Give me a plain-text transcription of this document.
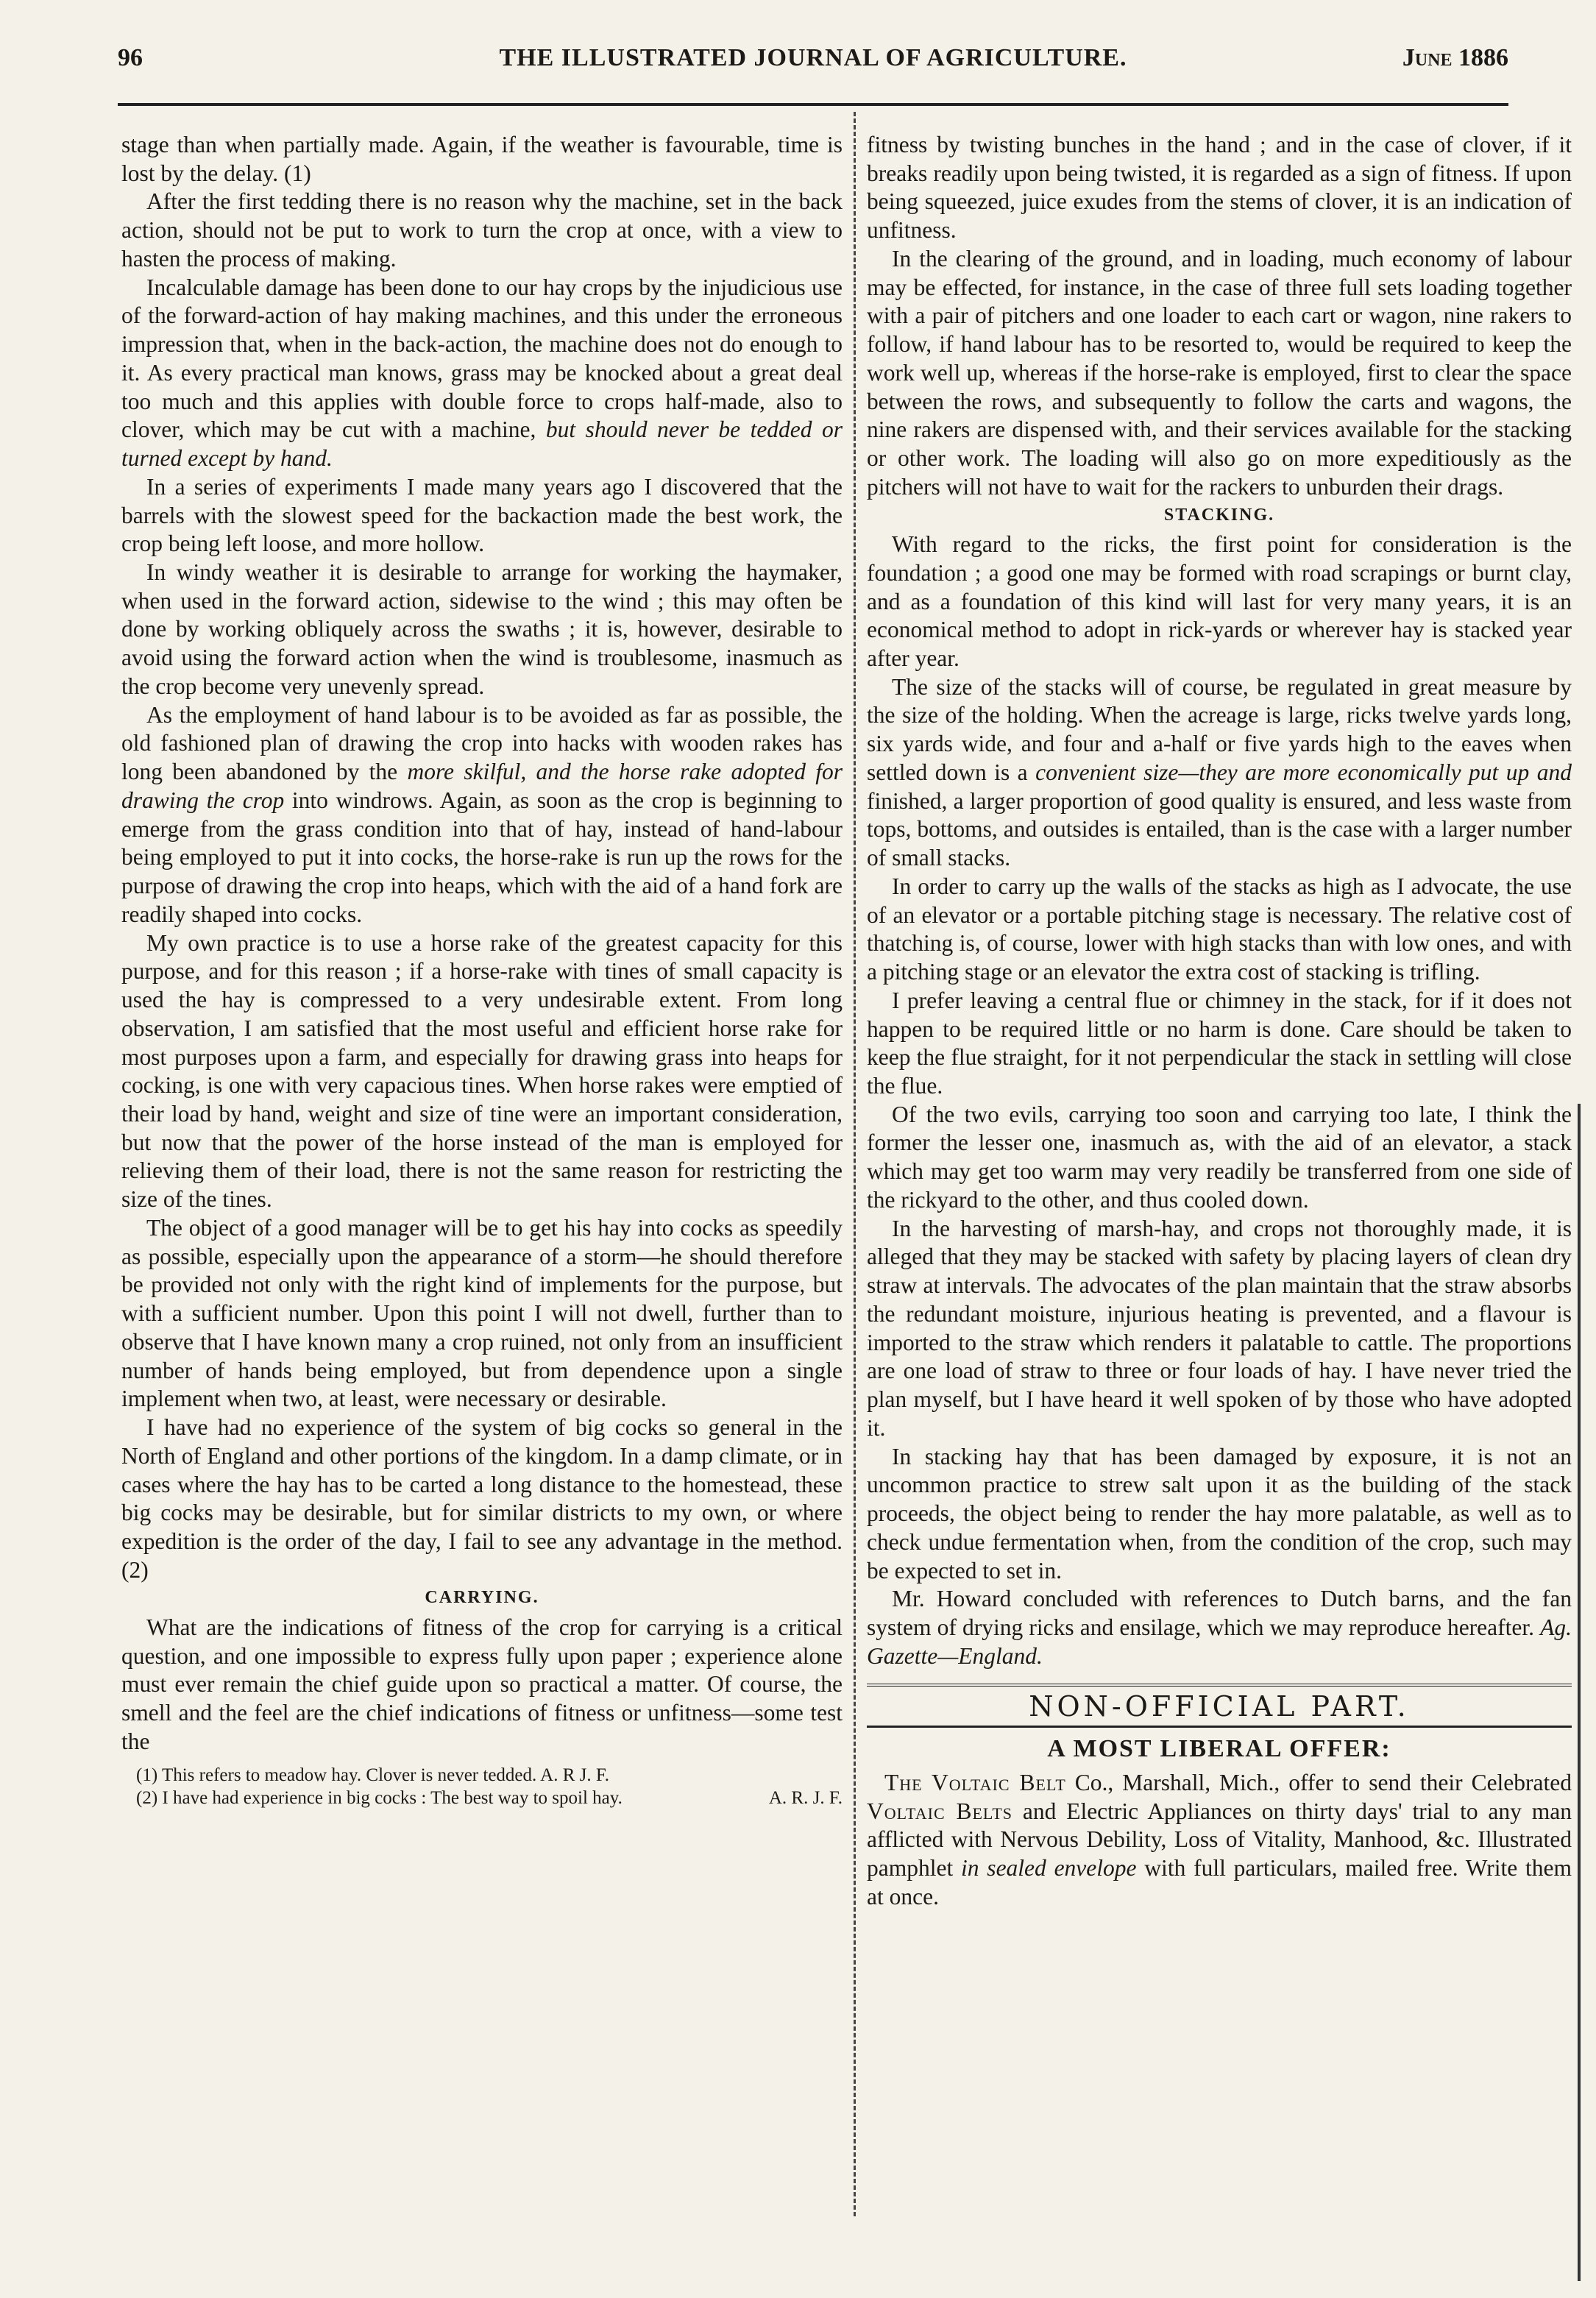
96	THE ILLUSTRATED JOURNAL OF AGRICULTURE.	June 1886

stage than when partially made. Again, if the weather is favourable, time is lost by the delay. (1)

After the first tedding there is no reason why the machine, set in the back action, should not be put to work to turn the crop at once, with a view to hasten the process of making.

Incalculable damage has been done to our hay crops by the injudicious use of the forward-action of hay making machines, and this under the erroneous impression that, when in the back-action, the machine does not do enough to it. As every practical man knows, grass may be knocked about a great deal too much and this applies with double force to crops half-made, also to clover, which may be cut with a machine, but should never be tedded or turned except by hand.

In a series of experiments I made many years ago I discovered that the barrels with the slowest speed for the backaction made the best work, the crop being left loose, and more hollow.

In windy weather it is desirable to arrange for working the haymaker, when used in the forward action, sidewise to the wind ; this may often be done by working obliquely across the swaths ; it is, however, desirable to avoid using the forward action when the wind is troublesome, inasmuch as the crop become very unevenly spread.

As the employment of hand labour is to be avoided as far as possible, the old fashioned plan of drawing the crop into hacks with wooden rakes has long been abandoned by the more skilful, and the horse rake adopted for drawing the crop into windrows. Again, as soon as the crop is beginning to emerge from the grass condition into that of hay, instead of hand-labour being employed to put it into cocks, the horse-rake is run up the rows for the purpose of drawing the crop into heaps, which with the aid of a hand fork are readily shaped into cocks.

My own practice is to use a horse rake of the greatest capacity for this purpose, and for this reason ; if a horse-rake with tines of small capacity is used the hay is compressed to a very undesirable extent. From long observation, I am satisfied that the most useful and efficient horse rake for most purposes upon a farm, and especially for drawing grass into heaps for cocking, is one with very capacious tines. When horse rakes were emptied of their load by hand, weight and size of tine were an important consideration, but now that the power of the horse instead of the man is employed for relieving them of their load, there is not the same reason for restricting the size of the tines.

The object of a good manager will be to get his hay into cocks as speedily as possible, especially upon the appearance of a storm—he should therefore be provided not only with the right kind of implements for the purpose, but with a sufficient number. Upon this point I will not dwell, further than to observe that I have known many a crop ruined, not only from an insufficient number of hands being employed, but from dependence upon a single implement when two, at least, were necessary or desirable.

I have had no experience of the system of big cocks so general in the North of England and other portions of the kingdom. In a damp climate, or in cases where the hay has to be carted a long distance to the homestead, these big cocks may be desirable, but for similar districts to my own, or where expedition is the order of the day, I fail to see any advantage in the method. (2)

CARRYING.

What are the indications of fitness of the crop for carrying is a critical question, and one impossible to express fully upon paper ; experience alone must ever remain the chief guide upon so practical a matter. Of course, the smell and the feel are the chief indications of fitness or unfitness—some test the

(1) This refers to meadow hay. Clover is never tedded. A. R J. F.

(2) I have had experience in big cocks : The best way to spoil hay.	A. R. J. F.

fitness by twisting bunches in the hand ; and in the case of clover, if it breaks readily upon being twisted, it is regarded as a sign of fitness. If upon being squeezed, juice exudes from the stems of clover, it is an indication of unfitness.

In the clearing of the ground, and in loading, much economy of labour may be effected, for instance, in the case of three full sets loading together with a pair of pitchers and one loader to each cart or wagon, nine rakers to follow, if hand labour has to be resorted to, would be required to keep the work well up, whereas if the horse-rake is employed, first to clear the space between the rows, and subsequently to follow the carts and wagons, the nine rakers are dispensed with, and their services available for the stacking or other work. The loading will also go on more expeditiously as the pitchers will not have to wait for the rackers to unburden their drags.

STACKING.

With regard to the ricks, the first point for consideration is the foundation ; a good one may be formed with road scrapings or burnt clay, and as a foundation of this kind will last for very many years, it is an economical method to adopt in rick-yards or wherever hay is stacked year after year.

The size of the stacks will of course, be regulated in great measure by the size of the holding. When the acreage is large, ricks twelve yards long, six yards wide, and four and a-half or five yards high to the eaves when settled down is a convenient size—they are more economically put up and finished, a larger proportion of good quality is ensured, and less waste from tops, bottoms, and outsides is entailed, than is the case with a larger number of small stacks.

In order to carry up the walls of the stacks as high as I advocate, the use of an elevator or a portable pitching stage is necessary. The relative cost of thatching is, of course, lower with high stacks than with low ones, and with a pitching stage or an elevator the extra cost of stacking is trifling.

I prefer leaving a central flue or chimney in the stack, for if it does not happen to be required little or no harm is done. Care should be taken to keep the flue straight, for it not perpendicular the stack in settling will close the flue.

Of the two evils, carrying too soon and carrying too late, I think the former the lesser one, inasmuch as, with the aid of an elevator, a stack which may get too warm may very readily be transferred from one side of the rickyard to the other, and thus cooled down.

In the harvesting of marsh-hay, and crops not thoroughly made, it is alleged that they may be stacked with safety by placing layers of clean dry straw at intervals. The advocates of the plan maintain that the straw absorbs the redundant moisture, injurious heating is prevented, and a flavour is imported to the straw which renders it palatable to cattle. The proportions are one load of straw to three or four loads of hay. I have never tried the plan myself, but I have heard it well spoken of by those who have adopted it.

In stacking hay that has been damaged by exposure, it is not an uncommon practice to strew salt upon it as the building of the stack proceeds, the object being to render the hay more palatable, as well as to check undue fermentation when, from the condition of the crop, such may be expected to set in.

Mr. Howard concluded with references to Dutch barns, and the fan system of drying ricks and ensilage, which we may reproduce hereafter. Ag. Gazette—England.

NON-OFFICIAL PART.
A MOST LIBERAL OFFER:

The Voltaic Belt Co., Marshall, Mich., offer to send their Celebrated Voltaic Belts and Electric Appliances on thirty days' trial to any man afflicted with Nervous Debility, Loss of Vitality, Manhood, &c. Illustrated pamphlet in sealed envelope with full particulars, mailed free. Write them at once.
